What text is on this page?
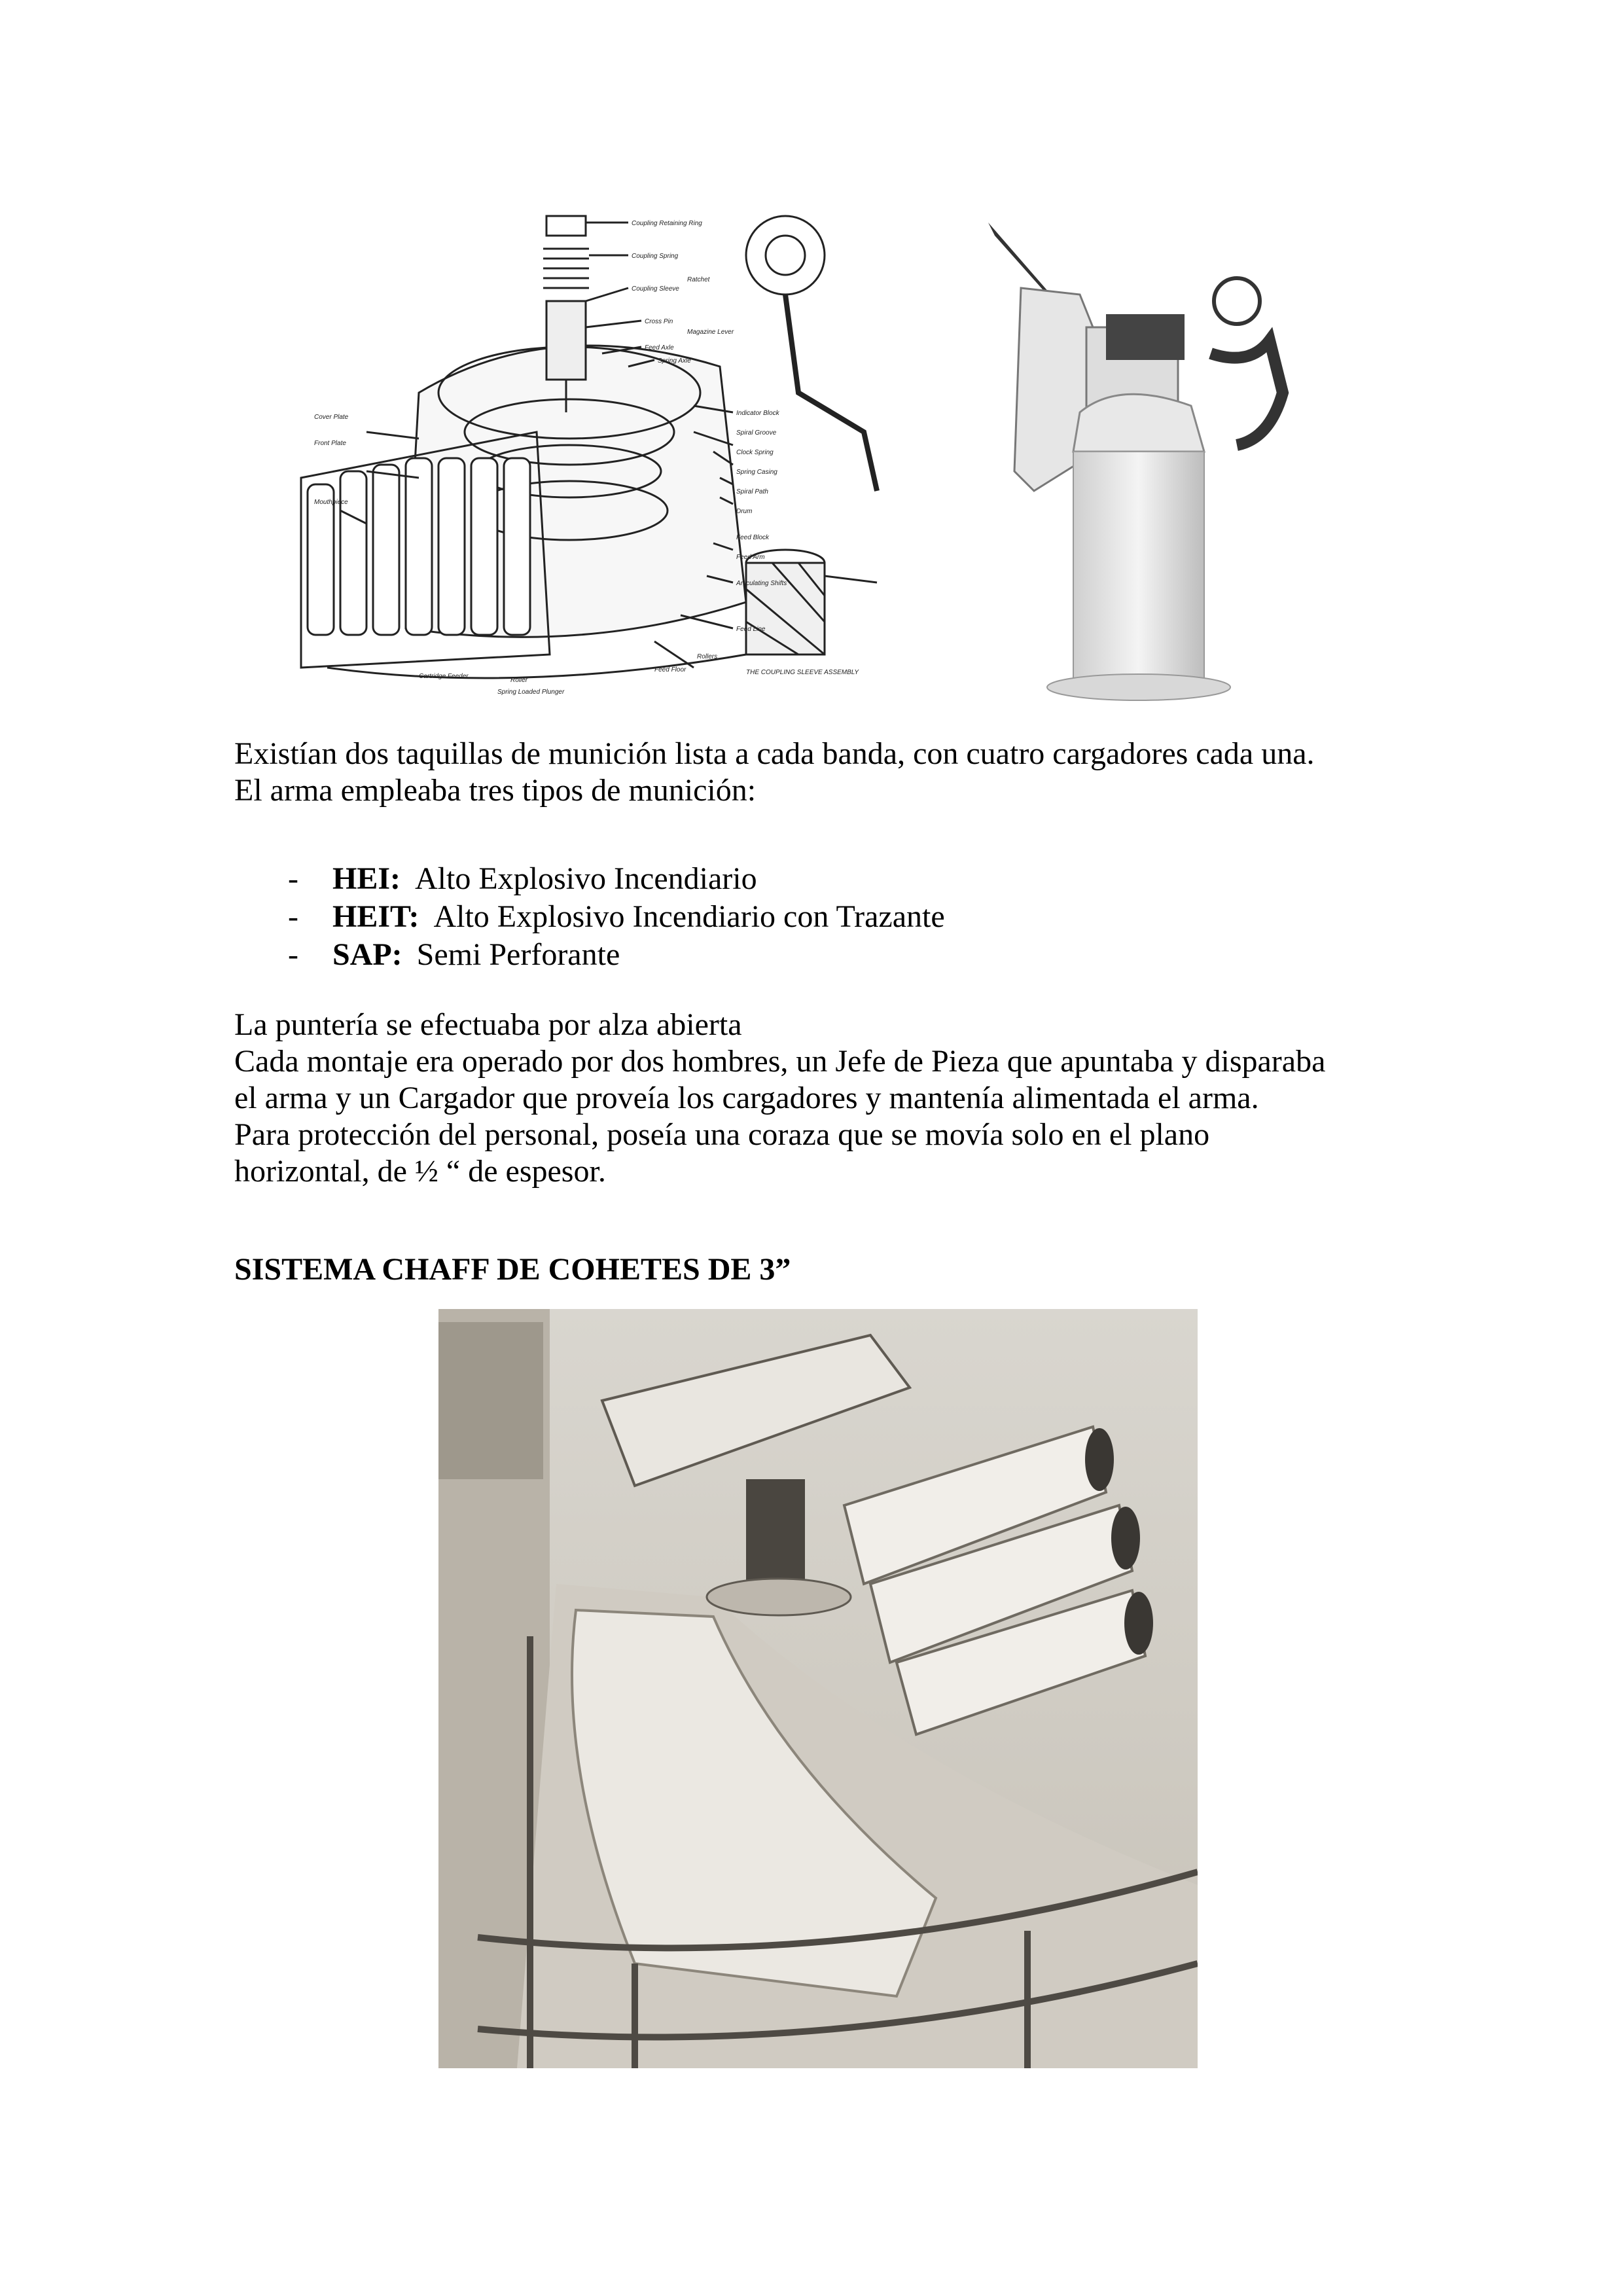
Coupling Retaining Ring
Coupling Spring
Coupling Sleeve
Cross Pin
Feed Axle
Spring Axle
Cover Plate
Front Plate
Mouthpiece
Indicator Block
Spiral Groove
Clock Spring
Spring Casing
Spiral Path
Drum
Feed Block
Feed Arm
Articulating Shifts
Feed Line
Rollers
Feed Floor
Cartridge Feeder
Roller
Spring Loaded Plunger
Ratchet
Magazine Lever
THE COUPLING SLEEVE ASSEMBLY

Existían dos taquillas de munición lista a cada banda, con cuatro cargadores cada una.

El arma empleaba tres tipos de munición:

-	HEI: Alto Explosivo Incendiario
-	HEIT: Alto Explosivo Incendiario con Trazante
-	SAP: Semi Perforante

La puntería se efectuaba por alza abierta

Cada montaje era operado por dos hombres, un Jefe de Pieza que apuntaba y disparaba

el arma y un Cargador que proveía los cargadores y mantenía alimentada el arma.

Para protección del personal, poseía una coraza que se movía solo en el plano

horizontal, de ½ “ de espesor.

SISTEMA CHAFF DE COHETES DE 3”
